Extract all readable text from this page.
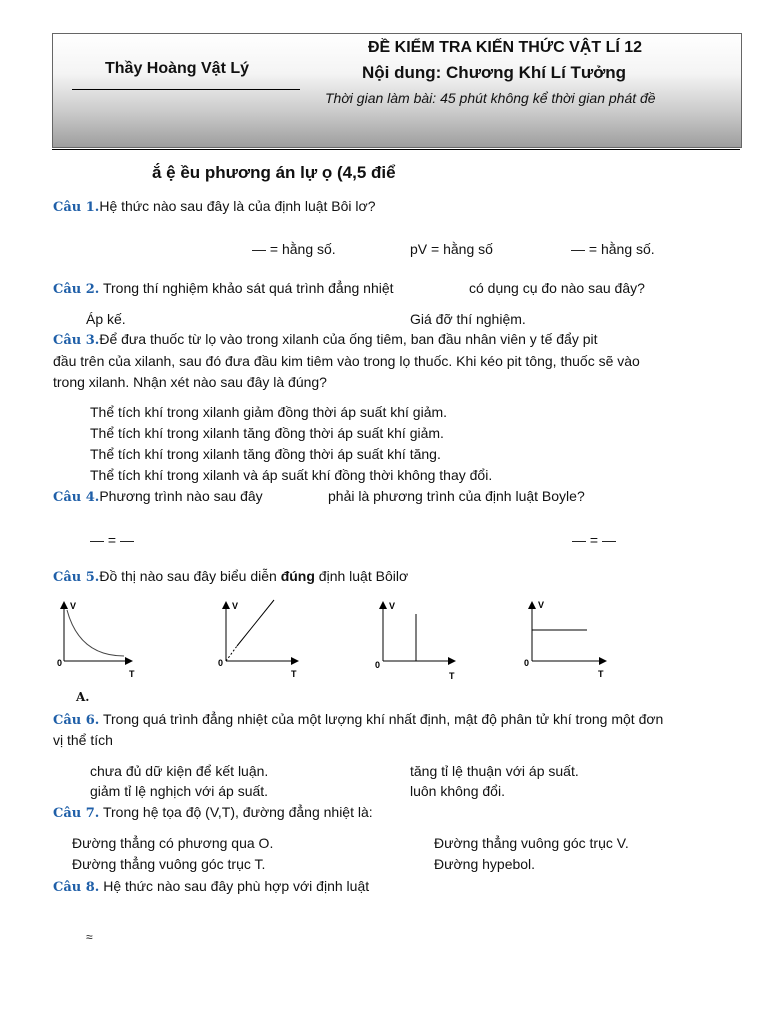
Thầy Hoàng Vật Lý
ĐỀ KIỂM TRA KIẾN THỨC VẬT LÍ 12
Nội dung: Chương Khí Lí Tưởng
Thời gian làm bài: 45 phút không kể thời gian phát đề
ắ ệ ều phương án lự ọ (4,5 điể
Câu 1.Hệ thức nào sau đây là của định luật Bôi lơ?
— = hằng số.	pV = hằng số	— = hằng số.
Câu 2. Trong thí nghiệm khảo sát quá trình đẳng nhiệt	có dụng cụ đo nào sau đây?
Áp kế.	Giá đỡ thí nghiệm.
Câu 3.Để đưa thuốc từ lọ vào trong xilanh của ống tiêm, ban đầu nhân viên y tế đẩy pit
đầu trên của xilanh, sau đó đưa đầu kim tiêm vào trong lọ thuốc. Khi kéo pit tông, thuốc sẽ vào
trong xilanh. Nhận xét nào sau đây là đúng?
Thể tích khí trong xilanh giảm đồng thời áp suất khí giảm.
Thể tích khí trong xilanh tăng đồng thời áp suất khí giảm.
Thể tích khí trong xilanh tăng đồng thời áp suất khí tăng.
Thể tích khí trong xilanh và áp suất khí đồng thời không thay đổi.
Câu 4.Phương trình nào sau đây	phải là phương trình của định luật Boyle?
— = —	— = —
Câu 5.Đồ thị nào sau đây biểu diễn đúng định luật Bôilơ
V
0
T
V
0
T
V
0
T
V
0
T
A.
Câu 6. Trong quá trình đẳng nhiệt của một lượng khí nhất định, mật độ phân tử khí trong một đơn
vị thể tích
chưa đủ dữ kiện để kết luận.	tăng tỉ lệ thuận với áp suất.
giảm tỉ lệ nghịch với áp suất.	luôn không đổi.
Câu 7. Trong hệ tọa độ (V,T), đường đẳng nhiệt là:
Đường thẳng có phương qua O.	Đường thẳng vuông góc trục V.
Đường thẳng vuông góc trục T.	Đường hypebol.
Câu 8. Hệ thức nào sau đây phù hợp với định luật
≈
